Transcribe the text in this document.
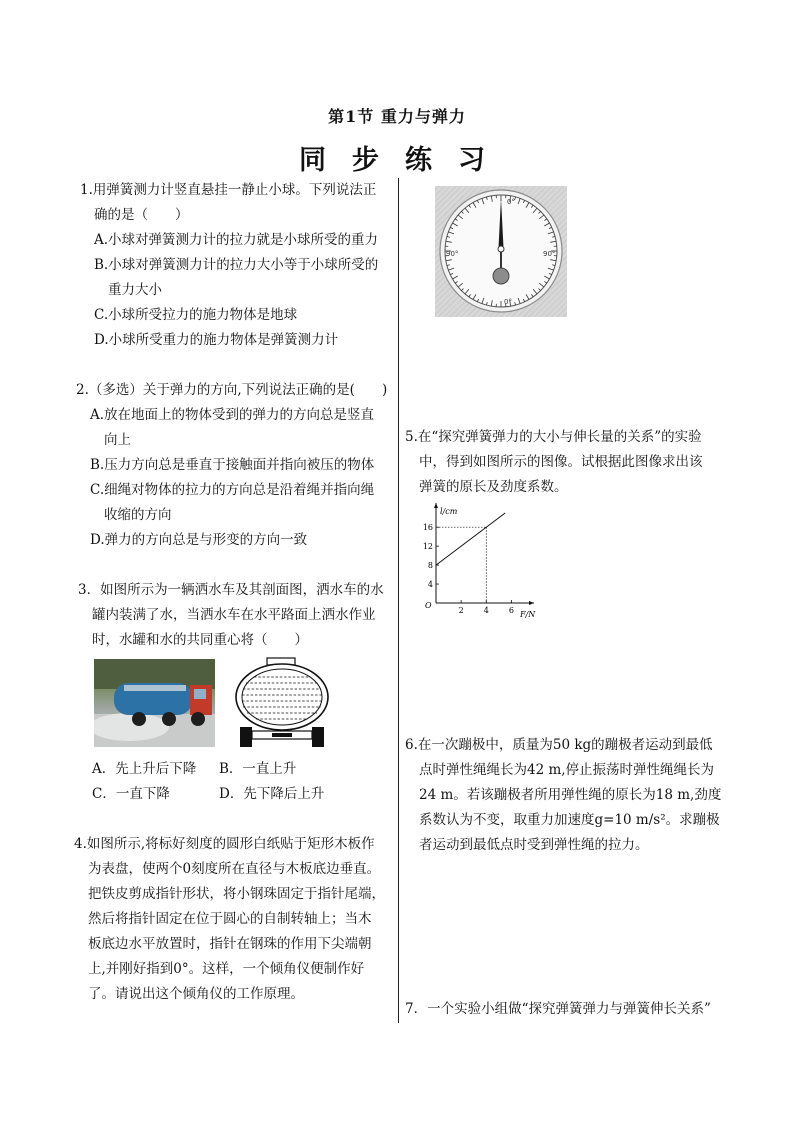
第1节 重力与弹力
同步练习
1.用弹簧测力计竖直悬挂一静止小球。下列说法正
确的是（　　）
A.小球对弹簧测力计的拉力就是小球所受的重力
B.小球对弹簧测力计的拉力大小等于小球所受的
重力大小
C.小球所受拉力的施力物体是地球
D.小球所受重力的施力物体是弹簧测力计
2.（多选）关于弹力的方向,下列说法正确的是(　　)
A.放在地面上的物体受到的弹力的方向总是竖直
向上
B.压力方向总是垂直于接触面并指向被压的物体
C.细绳对物体的拉力的方向总是沿着绳并指向绳
收缩的方向
D.弹力的方向总是与形变的方向一致
3．如图所示为一辆洒水车及其剖面图，洒水车的水
罐内装满了水，当洒水车在水平路面上洒水作业
时，水罐和水的共同重心将（　　）
A．先上升后下降 B．一直上升
C．一直下降	D．先下降后上升
4.如图所示,将标好刻度的圆形白纸贴于矩形木板作
为表盘，使两个0刻度所在直径与木板底边垂直。
把铁皮剪成指针形状，将小钢珠固定于指针尾端，
然后将指针固定在位于圆心的自制转轴上；当木
板底边水平放置时，指针在钢珠的作用下尖端朝
上,并刚好指到0°。这样，一个倾角仪便制作好
了。请说出这个倾角仪的工作原理。
0°
0°
90°	90°
5.在“探究弹簧弹力的大小与伸长量的关系”的实验
中，得到如图所示的图像。试根据此图像求出该
弹簧的原长及劲度系数。
2	4	6
4
8
12
16
l/cm
F/N
O
6.在一次蹦极中，质量为50 kg的蹦极者运动到最低
点时弹性绳绳长为42 m,停止振荡时弹性绳绳长为
24 m。若该蹦极者所用弹性绳的原长为18 m,劲度
系数认为不变，取重力加速度g=10 m/s²。求蹦极
者运动到最低点时受到弹性绳的拉力。
7．一个实验小组做“探究弹簧弹力与弹簧伸长关系”
